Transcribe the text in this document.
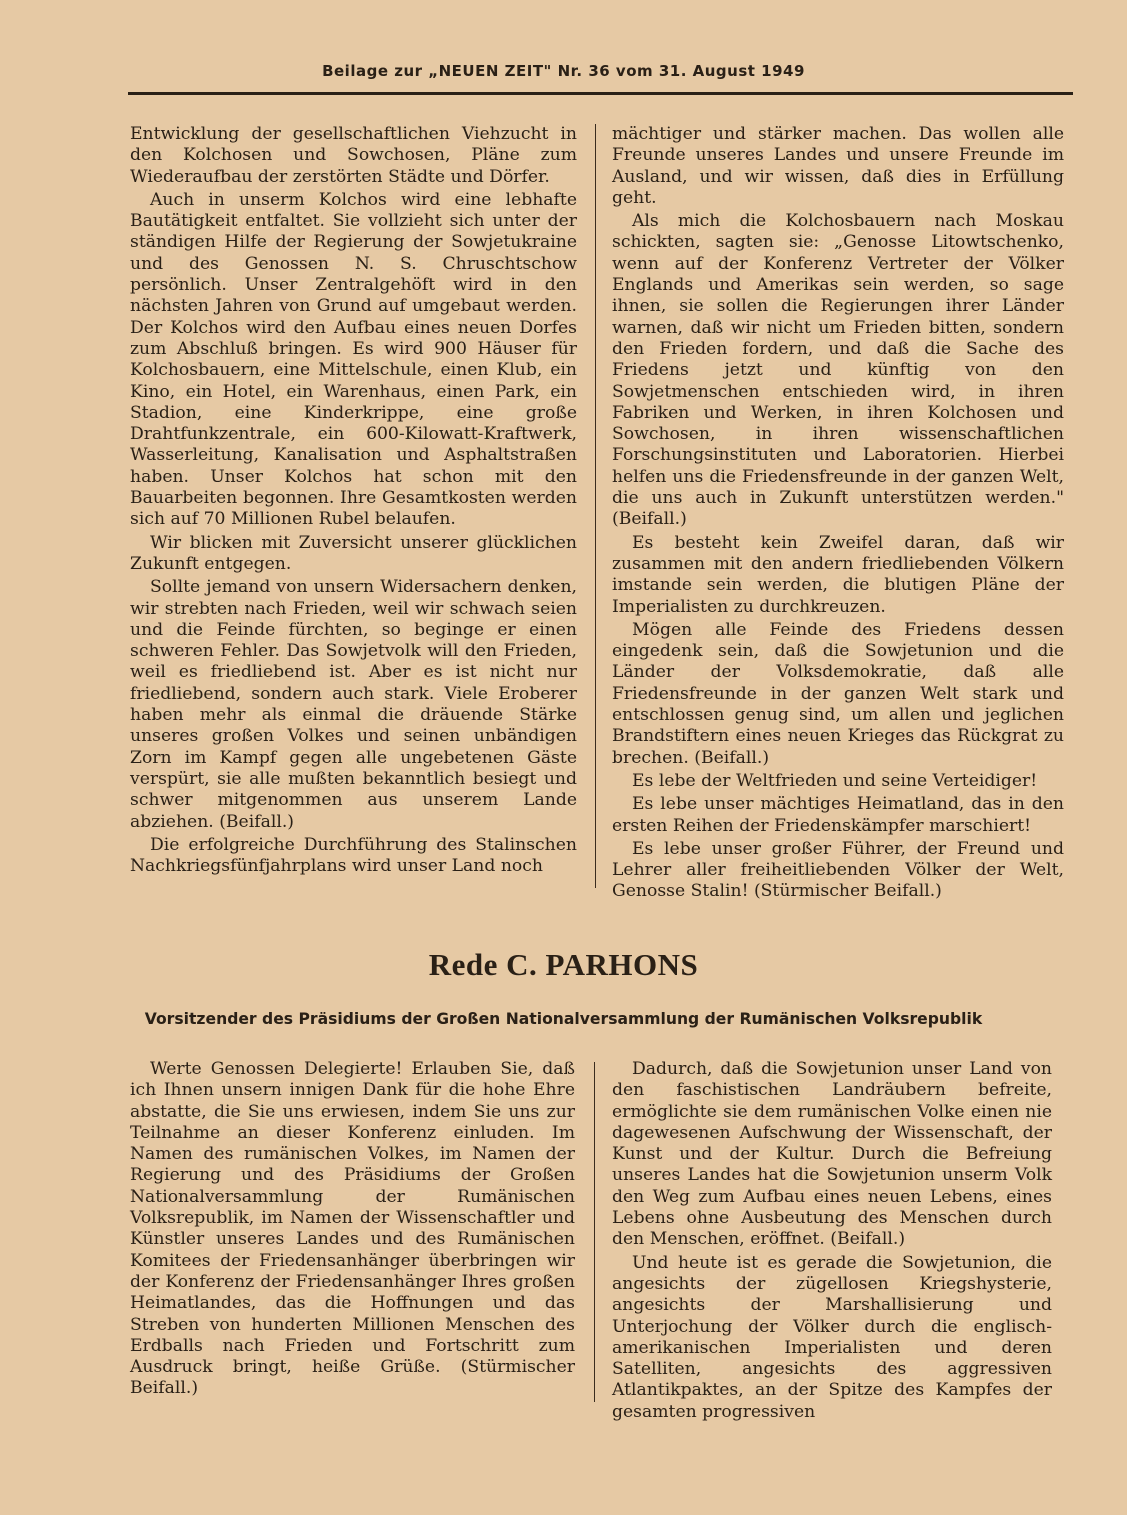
Beilage zur „NEUEN ZEIT" Nr. 36 vom 31. August 1949

Entwicklung der gesellschaftlichen Viehzucht in den Kolchosen und Sowchosen, Pläne zum Wiederaufbau der zerstörten Städte und Dörfer.

Auch in unserm Kolchos wird eine lebhafte Bautätigkeit entfaltet. Sie vollzieht sich unter der ständigen Hilfe der Regierung der Sowjetukraine und des Genossen N. S. Chruschtschow persönlich. Unser Zentralgehöft wird in den nächsten Jahren von Grund auf umgebaut werden. Der Kolchos wird den Aufbau eines neuen Dorfes zum Abschluß bringen. Es wird 900 Häuser für Kolchosbauern, eine Mittelschule, einen Klub, ein Kino, ein Hotel, ein Warenhaus, einen Park, ein Stadion, eine Kinderkrippe, eine große Drahtfunkzentrale, ein 600-Kilowatt-Kraftwerk, Wasserleitung, Kanalisation und Asphaltstraßen haben. Unser Kolchos hat schon mit den Bauarbeiten begonnen. Ihre Gesamtkosten werden sich auf 70 Millionen Rubel belaufen.

Wir blicken mit Zuversicht unserer glücklichen Zukunft entgegen.

Sollte jemand von unsern Widersachern denken, wir strebten nach Frieden, weil wir schwach seien und die Feinde fürchten, so beginge er einen schweren Fehler. Das Sowjetvolk will den Frieden, weil es friedliebend ist. Aber es ist nicht nur friedliebend, sondern auch stark. Viele Eroberer haben mehr als einmal die dräuende Stärke unseres großen Volkes und seinen unbändigen Zorn im Kampf gegen alle ungebetenen Gäste verspürt, sie alle mußten bekanntlich besiegt und schwer mitgenommen aus unserem Lande abziehen. (Beifall.)

Die erfolgreiche Durchführung des Stalinschen Nachkriegsfünfjahrplans wird unser Land noch

mächtiger und stärker machen. Das wollen alle Freunde unseres Landes und unsere Freunde im Ausland, und wir wissen, daß dies in Erfüllung geht.

Als mich die Kolchosbauern nach Moskau schickten, sagten sie: „Genosse Litowtschenko, wenn auf der Konferenz Vertreter der Völker Englands und Amerikas sein werden, so sage ihnen, sie sollen die Regierungen ihrer Länder warnen, daß wir nicht um Frieden bitten, sondern den Frieden fordern, und daß die Sache des Friedens jetzt und künftig von den Sowjetmenschen entschieden wird, in ihren Fabriken und Werken, in ihren Kolchosen und Sowchosen, in ihren wissenschaftlichen Forschungsinstituten und Laboratorien. Hierbei helfen uns die Friedensfreunde in der ganzen Welt, die uns auch in Zukunft unterstützen werden." (Beifall.)

Es besteht kein Zweifel daran, daß wir zusammen mit den andern friedliebenden Völkern imstande sein werden, die blutigen Pläne der Imperialisten zu durchkreuzen.

Mögen alle Feinde des Friedens dessen eingedenk sein, daß die Sowjetunion und die Länder der Volksdemokratie, daß alle Friedensfreunde in der ganzen Welt stark und entschlossen genug sind, um allen und jeglichen Brandstiftern eines neuen Krieges das Rückgrat zu brechen. (Beifall.)

Es lebe der Weltfrieden und seine Verteidiger!

Es lebe unser mächtiges Heimatland, das in den ersten Reihen der Friedenskämpfer marschiert!

Es lebe unser großer Führer, der Freund und Lehrer aller freiheitliebenden Völker der Welt, Genosse Stalin! (Stürmischer Beifall.)

Rede C. PARHONS
Vorsitzender des Präsidiums der Großen Nationalversammlung der Rumänischen Volksrepublik

Werte Genossen Delegierte! Erlauben Sie, daß ich Ihnen unsern innigen Dank für die hohe Ehre abstatte, die Sie uns erwiesen, indem Sie uns zur Teilnahme an dieser Konferenz einluden. Im Namen des rumänischen Volkes, im Namen der Regierung und des Präsidiums der Großen Nationalversammlung der Rumänischen Volksrepublik, im Namen der Wissenschaftler und Künstler unseres Landes und des Rumänischen Komitees der Friedensanhänger überbringen wir der Konferenz der Friedensanhänger Ihres großen Heimatlandes, das die Hoffnungen und das Streben von hunderten Millionen Menschen des Erdballs nach Frieden und Fortschritt zum Ausdruck bringt, heiße Grüße. (Stürmischer Beifall.)

Dadurch, daß die Sowjetunion unser Land von den faschistischen Landräubern befreite, ermöglichte sie dem rumänischen Volke einen nie dagewesenen Aufschwung der Wissenschaft, der Kunst und der Kultur. Durch die Befreiung unseres Landes hat die Sowjetunion unserm Volk den Weg zum Aufbau eines neuen Lebens, eines Lebens ohne Ausbeutung des Menschen durch den Menschen, eröffnet. (Beifall.)

Und heute ist es gerade die Sowjetunion, die angesichts der zügellosen Kriegshysterie, angesichts der Marshallisierung und Unterjochung der Völker durch die englisch-amerikanischen Imperialisten und deren Satelliten, angesichts des aggressiven Atlantikpaktes, an der Spitze des Kampfes der gesamten progressiven
